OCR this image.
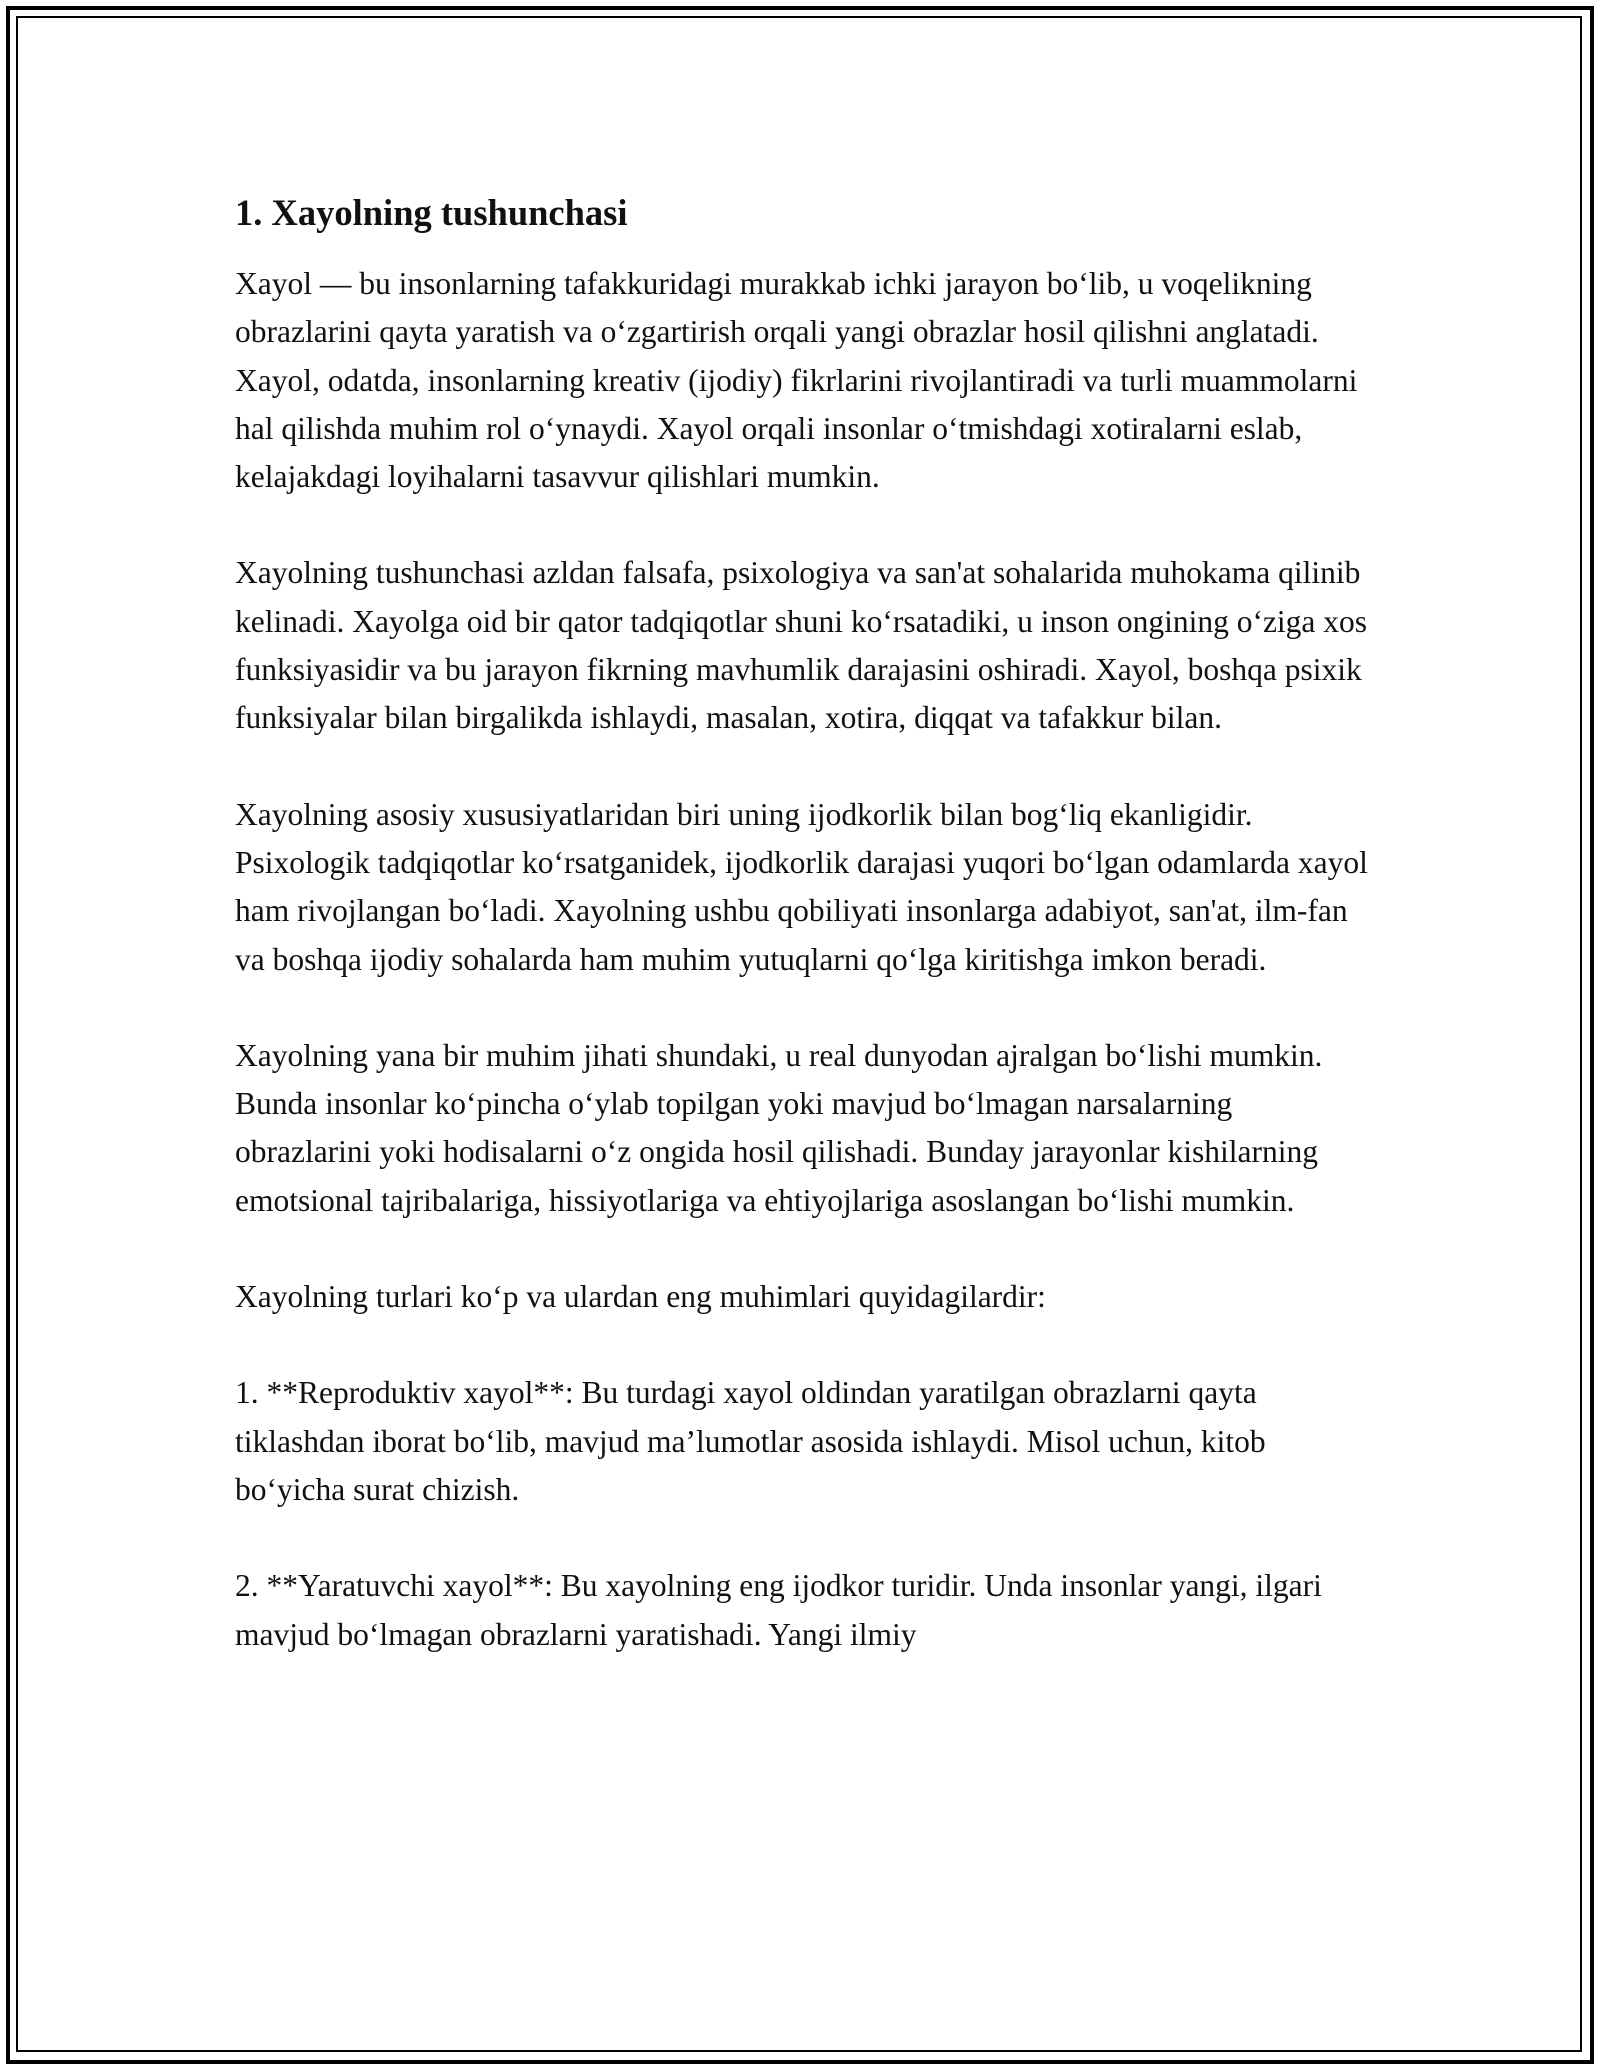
1. Xayolning tushunchasi

Xayol — bu insonlarning tafakkuridagi murakkab ichki jarayon bo‘lib, u voqelikning obrazlarini qayta yaratish va o‘zgartirish orqali yangi obrazlar hosil qilishni anglatadi. Xayol, odatda, insonlarning kreativ (ijodiy) fikrlarini rivojlantiradi va turli muammolarni hal qilishda muhim rol o‘ynaydi. Xayol orqali insonlar o‘tmishdagi xotiralarni eslab, kelajakdagi loyihalarni tasavvur qilishlari mumkin.

Xayolning tushunchasi azldan falsafa, psixologiya va san'at sohalarida muhokama qilinib kelinadi. Xayolga oid bir qator tadqiqotlar shuni ko‘rsatadiki, u inson ongining o‘ziga xos funksiyasidir va bu jarayon fikrning mavhumlik darajasini oshiradi. Xayol, boshqa psixik funksiyalar bilan birgalikda ishlaydi, masalan, xotira, diqqat va tafakkur bilan.

Xayolning asosiy xususiyatlaridan biri uning ijodkorlik bilan bog‘liq ekanligidir. Psixologik tadqiqotlar ko‘rsatganidek, ijodkorlik darajasi yuqori bo‘lgan odamlarda xayol ham rivojlangan bo‘ladi. Xayolning ushbu qobiliyati insonlarga adabiyot, san'at, ilm-fan va boshqa ijodiy sohalarda ham muhim yutuqlarni qo‘lga kiritishga imkon beradi.

Xayolning yana bir muhim jihati shundaki, u real dunyodan ajralgan bo‘lishi mumkin. Bunda insonlar ko‘pincha o‘ylab topilgan yoki mavjud bo‘lmagan narsalarning obrazlarini yoki hodisalarni o‘z ongida hosil qilishadi. Bunday jarayonlar kishilarning emotsional tajribalariga, hissiyotlariga va ehtiyojlariga asoslangan bo‘lishi mumkin.

Xayolning turlari ko‘p va ulardan eng muhimlari quyidagilardir:

1. **Reproduktiv xayol**: Bu turdagi xayol oldindan yaratilgan obrazlarni qayta tiklashdan iborat bo‘lib, mavjud ma’lumotlar asosida ishlaydi. Misol uchun, kitob bo‘yicha surat chizish.

2. **Yaratuvchi xayol**: Bu xayolning eng ijodkor turidir. Unda insonlar yangi, ilgari mavjud bo‘lmagan obrazlarni yaratishadi. Yangi ilmiy
